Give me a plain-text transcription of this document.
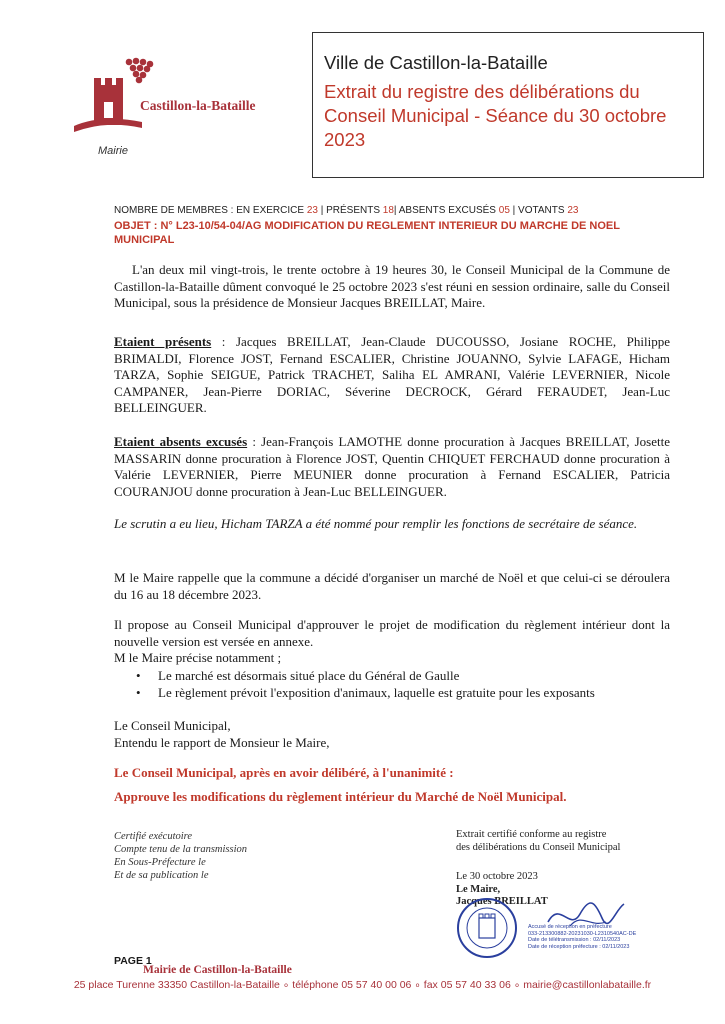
Castillon-la-Bataille
Mairie
Ville de Castillon-la-Bataille
Extrait du registre des délibérations du Conseil Municipal - Séance du 30 octobre 2023
NOMBRE DE MEMBRES : EN EXERCICE 23 | PRÉSENTS 18| ABSENTS EXCUSÉS 05 | VOTANTS 23
OBJET : N° L23-10/54-04/AG MODIFICATION DU REGLEMENT INTERIEUR DU MARCHE DE NOEL MUNICIPAL
L'an deux mil vingt-trois, le trente octobre à 19 heures 30, le Conseil Municipal de la Commune de Castillon-la-Bataille dûment convoqué le 25 octobre 2023 s'est réuni en session ordinaire, salle du Conseil Municipal, sous la présidence de Monsieur Jacques BREILLAT, Maire.
Etaient présents : Jacques BREILLAT, Jean-Claude DUCOUSSO, Josiane ROCHE, Philippe BRIMALDI, Florence JOST, Fernand ESCALIER, Christine JOUANNO, Sylvie LAFAGE, Hicham TARZA, Sophie SEIGUE, Patrick TRACHET, Saliha EL AMRANI, Valérie LEVERNIER, Nicole CAMPANER, Jean-Pierre DORIAC, Séverine DECROCK, Gérard FERAUDET, Jean-Luc BELLEINGUER.
Etaient absents excusés : Jean-François LAMOTHE donne procuration à Jacques BREILLAT, Josette MASSARIN donne procuration à Florence JOST, Quentin CHIQUET FERCHAUD donne procuration à Valérie LEVERNIER, Pierre MEUNIER donne procuration à Fernand ESCALIER, Patricia COURANJOU donne procuration à Jean-Luc BELLEINGUER.
Le scrutin a eu lieu, Hicham TARZA a été nommé pour remplir les fonctions de secrétaire de séance.
M le Maire rappelle que la commune a décidé d'organiser un marché de Noël et que celui-ci se déroulera du 16 au 18 décembre 2023.
Il propose au Conseil Municipal d'approuver le projet de modification du règlement intérieur dont la nouvelle version est versée en annexe.
M le Maire précise notamment ;
• Le marché est désormais situé place du Général de Gaulle
• Le règlement prévoit l'exposition d'animaux, laquelle est gratuite pour les exposants
Le Conseil Municipal,
Entendu le rapport de Monsieur le Maire,
Le Conseil Municipal, après en avoir délibéré, à l'unanimité :
Approuve les modifications du règlement intérieur du Marché de Noël Municipal.
Certifié exécutoire
Compte tenu de la transmission
En Sous-Préfecture le
Et de sa publication le
Extrait certifié conforme au registre
des délibérations du Conseil Municipal
Le 30 octobre 2023
Le Maire,
Jacques BREILLAT
Accusé de réception en préfecture
033-213300882-20231030-L2310540AC-DE
Date de télétransmission : 02/11/2023
Date de réception préfecture : 02/11/2023
PAGE 1
Mairie de Castillon-la-Bataille
25 place Turenne 33350 Castillon-la-Bataille ∘ téléphone 05 57 40 00 06 ∘ fax 05 57 40 33 06 ∘ mairie@castillonlabataille.fr
